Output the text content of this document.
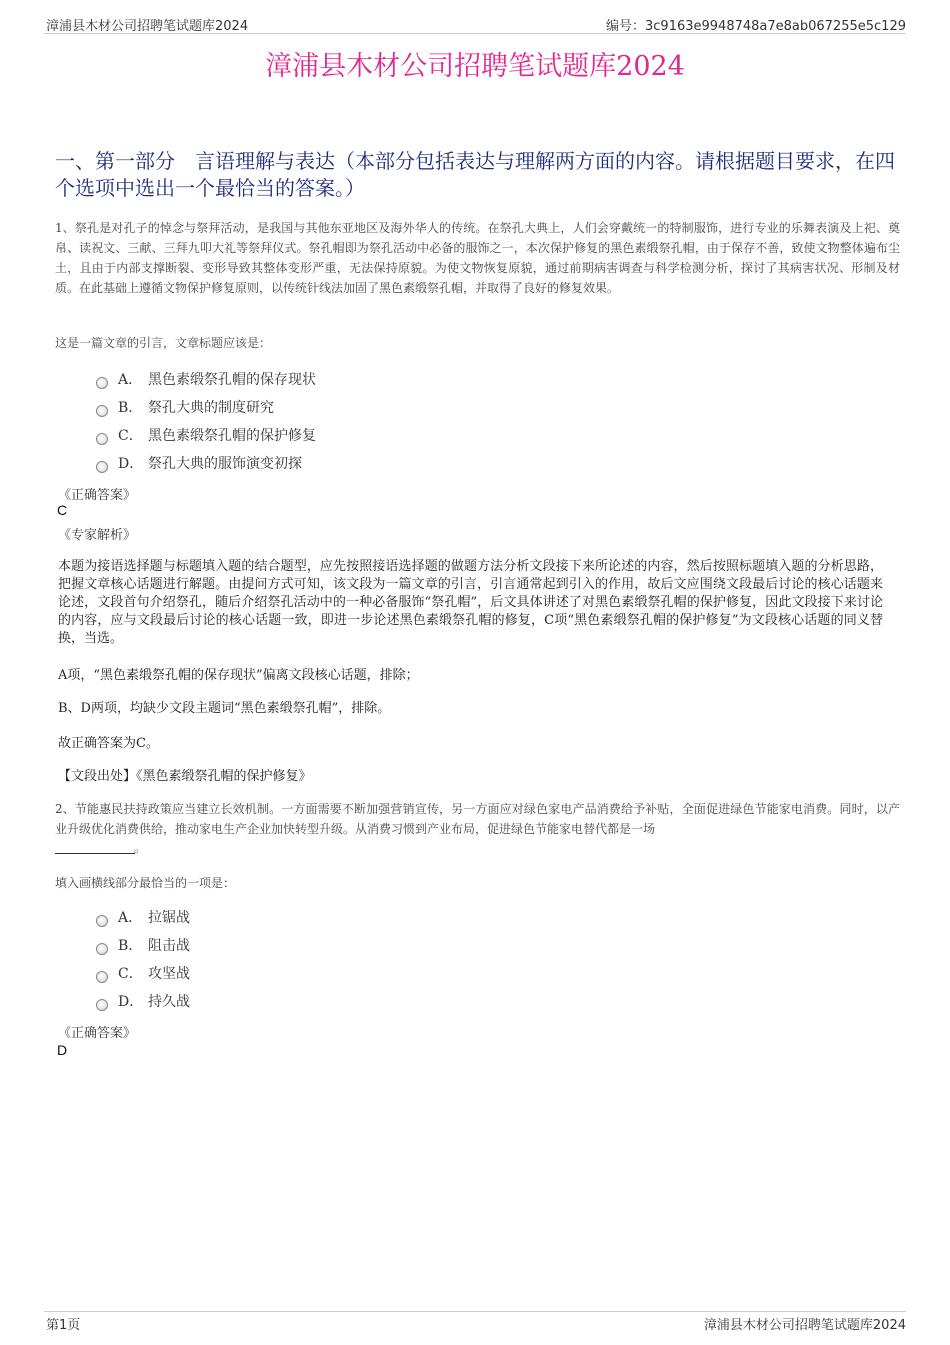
漳浦县木材公司招聘笔试题库2024	编号：3c9163e9948748a7e8ab067255e5c129
漳浦县木材公司招聘笔试题库2024
一、第一部分　言语理解与表达（本部分包括表达与理解两方面的内容。请根据题目要求，在四个选项中选出一个最恰当的答案。）
1、祭孔是对孔子的悼念与祭拜活动，是我国与其他东亚地区及海外华人的传统。在祭孔大典上，人们会穿戴统一的特制服饰，进行专业的乐舞表演及上祀、奠帛、读祝文、三献、三拜九叩大礼等祭拜仪式。祭孔帽即为祭孔活动中必备的服饰之一，本次保护修复的黑色素缎祭孔帽，由于保存不善，致使文物整体遍布尘土，且由于内部支撑断裂、变形导致其整体变形严重，无法保持原貌。为使文物恢复原貌，通过前期病害调查与科学检测分析，探讨了其病害状况、形制及材质。在此基础上遵循文物保护修复原则，以传统针线法加固了黑色素缎祭孔帽，并取得了良好的修复效果。
这是一篇文章的引言，文章标题应该是：
A． 黑色素缎祭孔帽的保存现状
B． 祭孔大典的制度研究
C． 黑色素缎祭孔帽的保护修复
D． 祭孔大典的服饰演变初探
《正确答案》
C
《专家解析》
本题为接语选择题与标题填入题的结合题型，应先按照接语选择题的做题方法分析文段接下来所论述的内容，然后按照标题填入题的分析思路，把握文章核心话题进行解题。由提问方式可知，该文段为一篇文章的引言，引言通常起到引入的作用，故后文应围绕文段最后讨论的核心话题来论述，文段首句介绍祭孔，随后介绍祭孔活动中的一种必备服饰“祭孔帽”，后文具体讲述了对黑色素缎祭孔帽的保护修复，因此文段接下来讨论的内容，应与文段最后讨论的核心话题一致，即进一步论述黑色素缎祭孔帽的修复，C项“黑色素缎祭孔帽的保护修复”为文段核心话题的同义替换，当选。
A项，“黑色素缎祭孔帽的保存现状”偏离文段核心话题，排除；
B、D两项，均缺少文段主题词“黑色素缎祭孔帽”，排除。
故正确答案为C。
【文段出处】《黑色素缎祭孔帽的保护修复》
2、节能惠民扶持政策应当建立长效机制。一方面需要不断加强营销宣传，另一方面应对绿色家电产品消费给予补贴，全面促进绿色节能家电消费。同时，以产业升级优化消费供给，推动家电生产企业加快转型升级。从消费习惯到产业布局，促进绿色节能家电替代都是一场
。
填入画横线部分最恰当的一项是：
A． 拉锯战
B． 阻击战
C． 攻坚战
D． 持久战
《正确答案》
D
第1页	漳浦县木材公司招聘笔试题库2024
